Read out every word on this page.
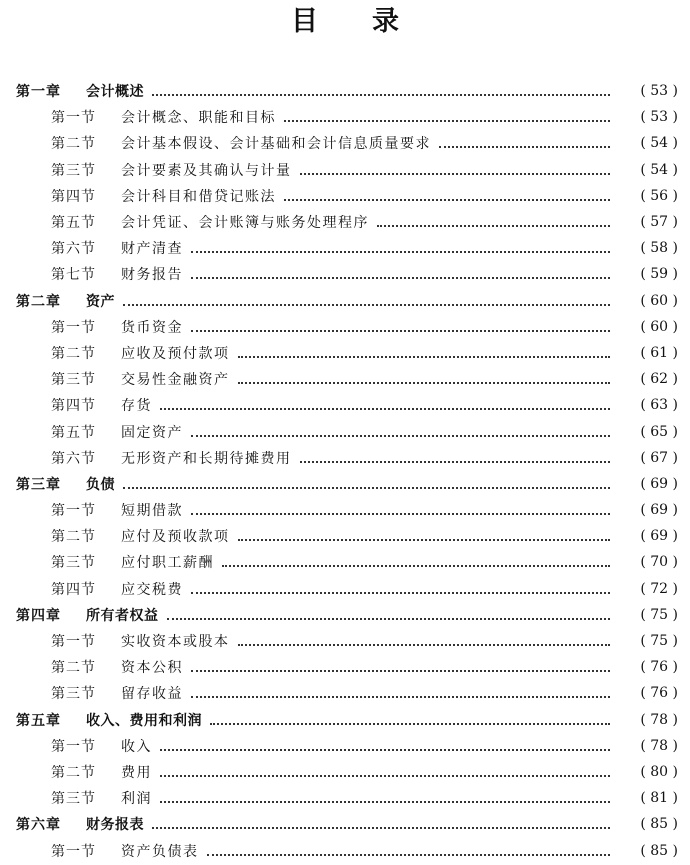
目 录
第一章	会计概述	( 53 )
第一节	会计概念、职能和目标	( 53 )
第二节	会计基本假设、会计基础和会计信息质量要求	( 54 )
第三节	会计要素及其确认与计量	( 54 )
第四节	会计科目和借贷记账法	( 56 )
第五节	会计凭证、会计账簿与账务处理程序	( 57 )
第六节	财产清查	( 58 )
第七节	财务报告	( 59 )
第二章	资产	( 60 )
第一节	货币资金	( 60 )
第二节	应收及预付款项	( 61 )
第三节	交易性金融资产	( 62 )
第四节	存货	( 63 )
第五节	固定资产	( 65 )
第六节	无形资产和长期待摊费用	( 67 )
第三章	负债	( 69 )
第一节	短期借款	( 69 )
第二节	应付及预收款项	( 69 )
第三节	应付职工薪酬	( 70 )
第四节	应交税费	( 72 )
第四章	所有者权益	( 75 )
第一节	实收资本或股本	( 75 )
第二节	资本公积	( 76 )
第三节	留存收益	( 76 )
第五章	收入、费用和利润	( 78 )
第一节	收入	( 78 )
第二节	费用	( 80 )
第三节	利润	( 81 )
第六章	财务报表	( 85 )
第一节	资产负债表	( 85 )
